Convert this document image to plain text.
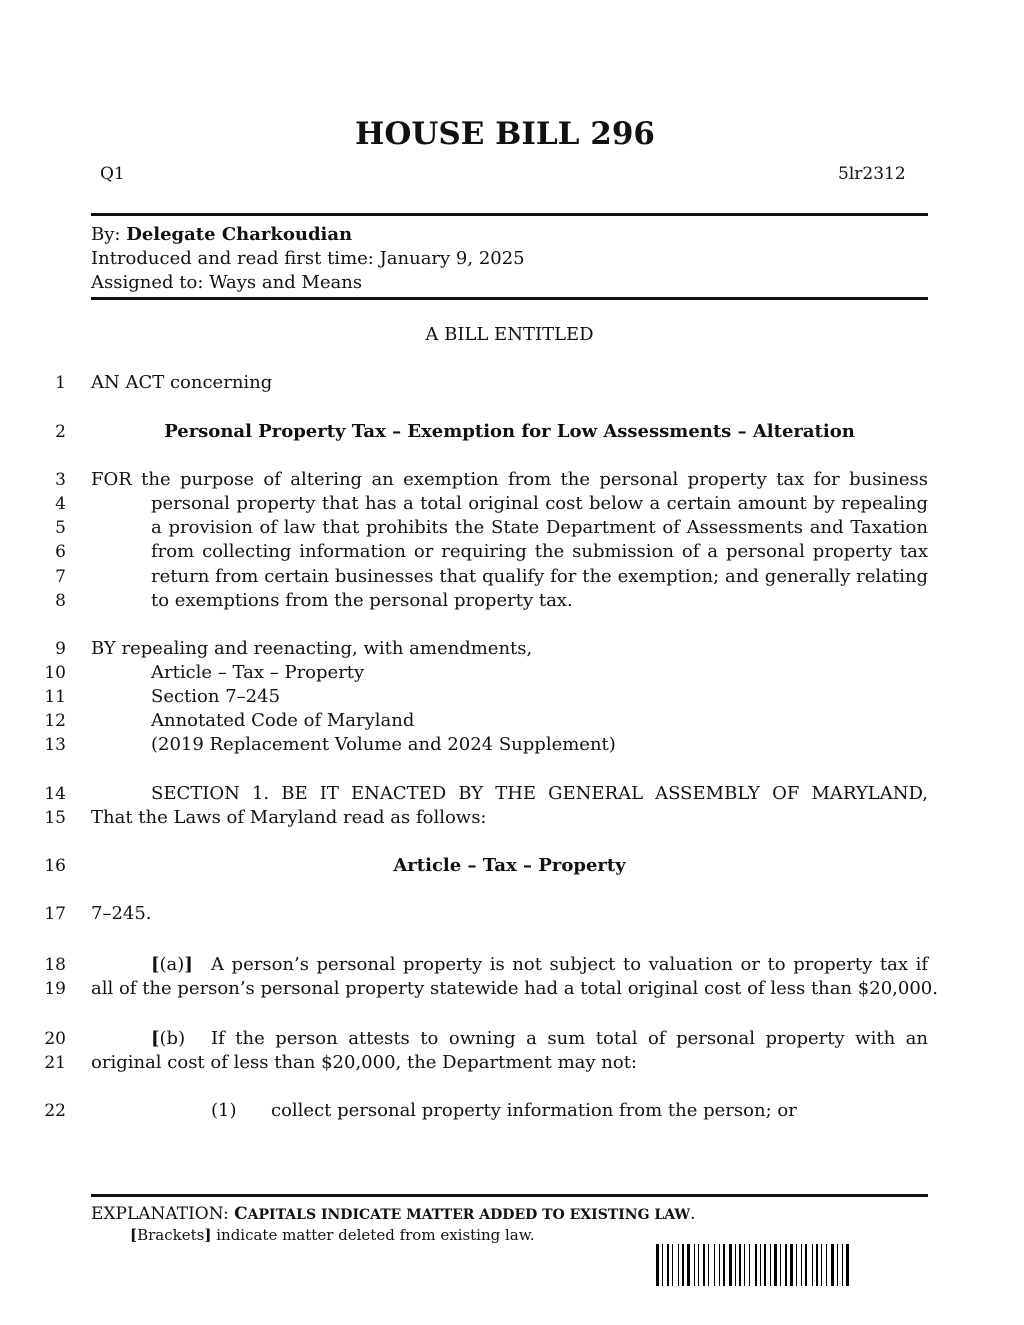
HOUSE BILL 296
Q1	5lr2312
By: Delegate Charkoudian
Introduced and read first time: January 9, 2025
Assigned to: Ways and Means
A BILL ENTITLED
1
2
3
4
5
6
7
8
9
10
11
12
13
14
15
16
17
18
19
20
21
22
AN ACT concerning
Personal Property Tax – Exemption for Low Assessments – Alteration
FOR the purpose of altering an exemption from the personal property tax for business
personal property that has a total original cost below a certain amount by repealing
a provision of law that prohibits the State Department of Assessments and Taxation
from collecting information or requiring the submission of a personal property tax
return from certain businesses that qualify for the exemption; and generally relating
to exemptions from the personal property tax.
BY repealing and reenacting, with amendments,
Article – Tax – Property
Section 7–245
Annotated Code of Maryland
(2019 Replacement Volume and 2024 Supplement)
SECTION 1. BE IT ENACTED BY THE GENERAL ASSEMBLY OF MARYLAND,
That the Laws of Maryland read as follows:
Article – Tax – Property
7–245.
[(a)] A person’s personal property is not subject to valuation or to property tax if
all of the person’s personal property statewide had a total original cost of less than $20,000.
[(b) If the person attests to owning a sum total of personal property with an
original cost of less than $20,000, the Department may not:
(1) collect personal property information from the person; or
EXPLANATION: CAPITALS INDICATE MATTER ADDED TO EXISTING LAW.
[Brackets] indicate matter deleted from existing law.
